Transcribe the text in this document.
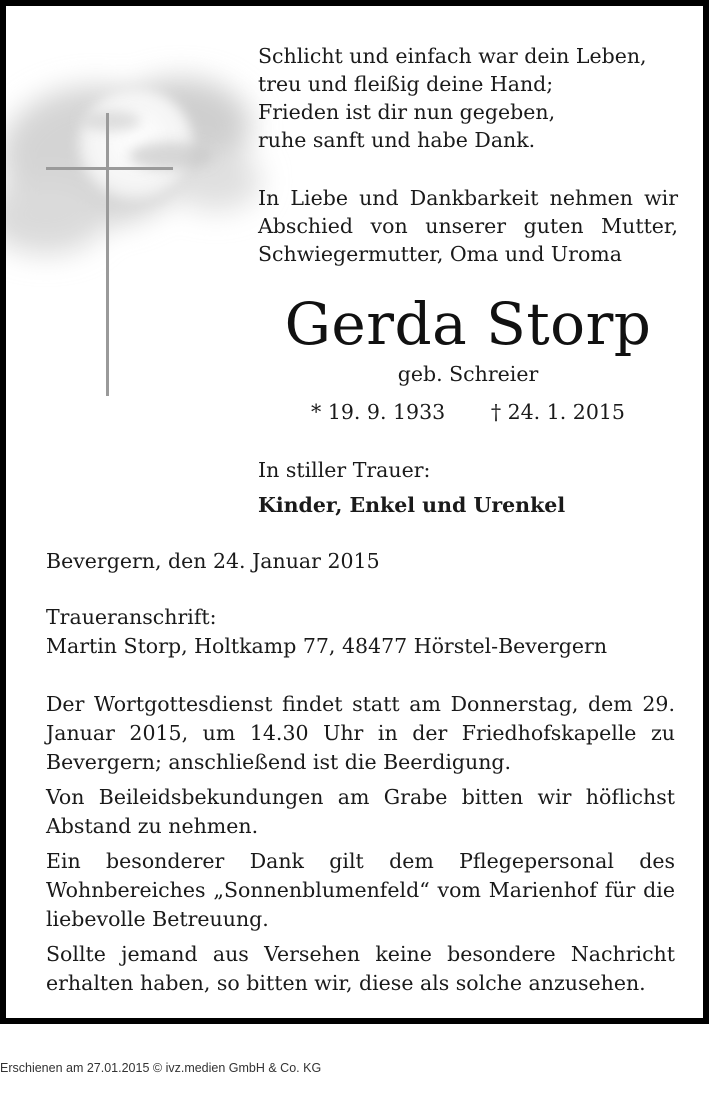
Schlicht und einfach war dein Leben,
treu und fleißig deine Hand;
Frieden ist dir nun gegeben,
ruhe sanft und habe Dank.
In Liebe und Dankbarkeit nehmen wir
Abschied von unserer guten Mutter,
Schwiegermutter, Oma und Uroma
Gerda Storp
geb. Schreier
* 19. 9. 1933 † 24. 1. 2015
In stiller Trauer:
Kinder, Enkel und Urenkel
Bevergern, den 24. Januar 2015
Traueranschrift:
Martin Storp, Holtkamp 77, 48477 Hörstel-Bevergern

Der Wortgottesdienst findet statt am Donnerstag, dem 29. Januar 2015, um 14.30 Uhr in der Friedhofskapelle zu Bevergern; anschließend ist die Beerdigung.

Von Beileidsbekundungen am Grabe bitten wir höflichst Abstand zu nehmen.

Ein besonderer Dank gilt dem Pflegepersonal des Wohnbereiches „Sonnenblumenfeld“ vom Marienhof für die liebevolle Betreuung.

Sollte jemand aus Versehen keine besondere Nachricht erhalten haben, so bitten wir, diese als solche anzusehen.

Erschienen am 27.01.2015 © ivz.medien GmbH & Co. KG
